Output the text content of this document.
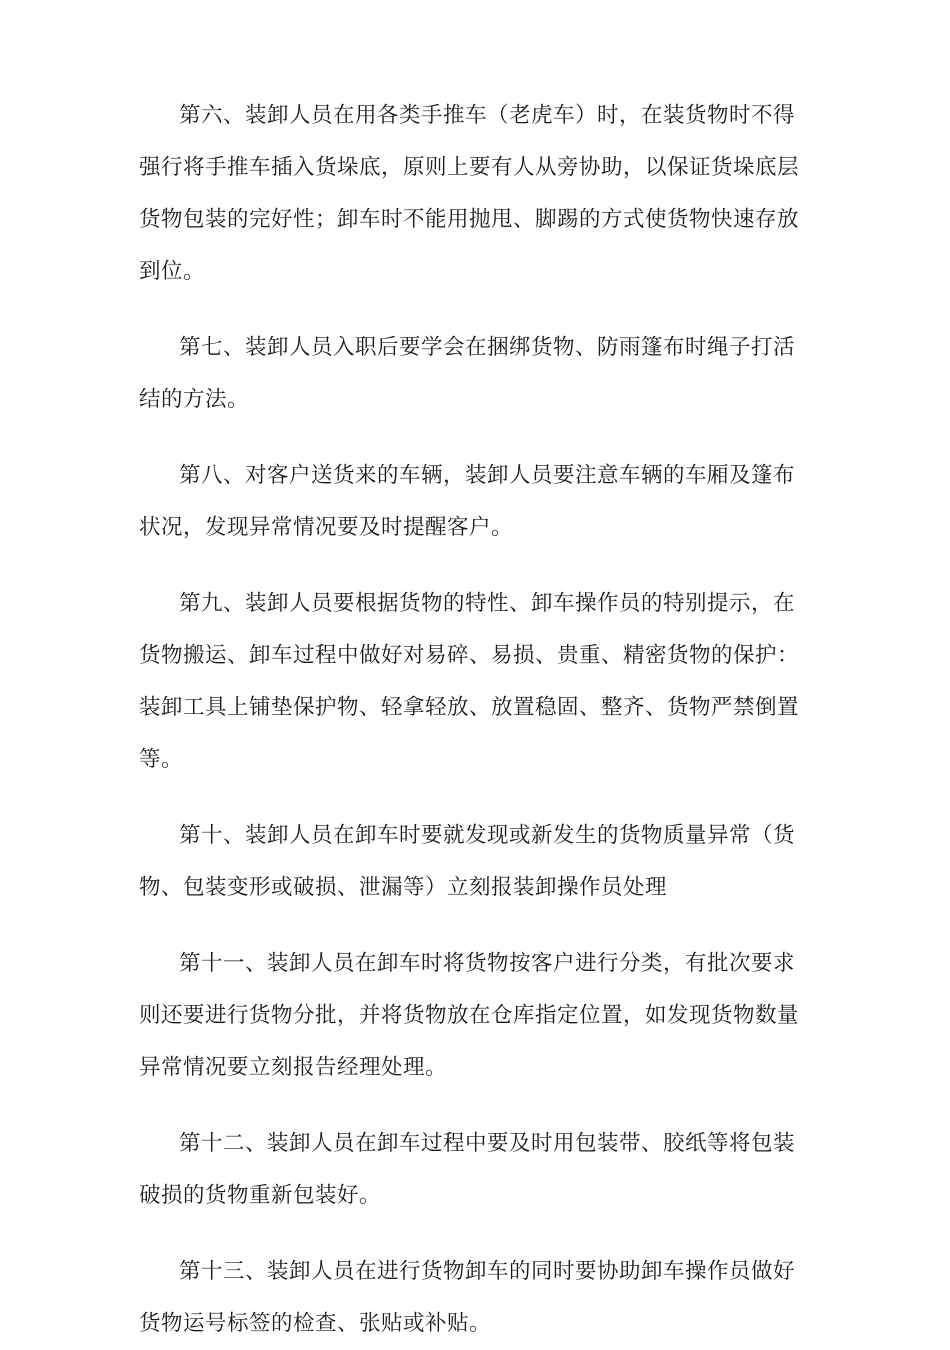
第六、装卸人员在用各类手推车（老虎车）时，在装货物时不得强行将手推车插入货垛底，原则上要有人从旁协助，以保证货垛底层货物包装的完好性；卸车时不能用抛甩、脚踢的方式使货物快速存放到位。

第七、装卸人员入职后要学会在捆绑货物、防雨篷布时绳子打活结的方法。

第八、对客户送货来的车辆，装卸人员要注意车辆的车厢及篷布状况，发现异常情况要及时提醒客户。

第九、装卸人员要根据货物的特性、卸车操作员的特别提示，在货物搬运、卸车过程中做好对易碎、易损、贵重、精密货物的保护：装卸工具上铺垫保护物、轻拿轻放、放置稳固、整齐、货物严禁倒置等。

第十、装卸人员在卸车时要就发现或新发生的货物质量异常（货物、包装变形或破损、泄漏等）立刻报装卸操作员处理

第十一、装卸人员在卸车时将货物按客户进行分类，有批次要求则还要进行货物分批，并将货物放在仓库指定位置，如发现货物数量异常情况要立刻报告经理处理。

第十二、装卸人员在卸车过程中要及时用包装带、胶纸等将包装破损的货物重新包装好。

第十三、装卸人员在进行货物卸车的同时要协助卸车操作员做好货物运号标签的检查、张贴或补贴。
